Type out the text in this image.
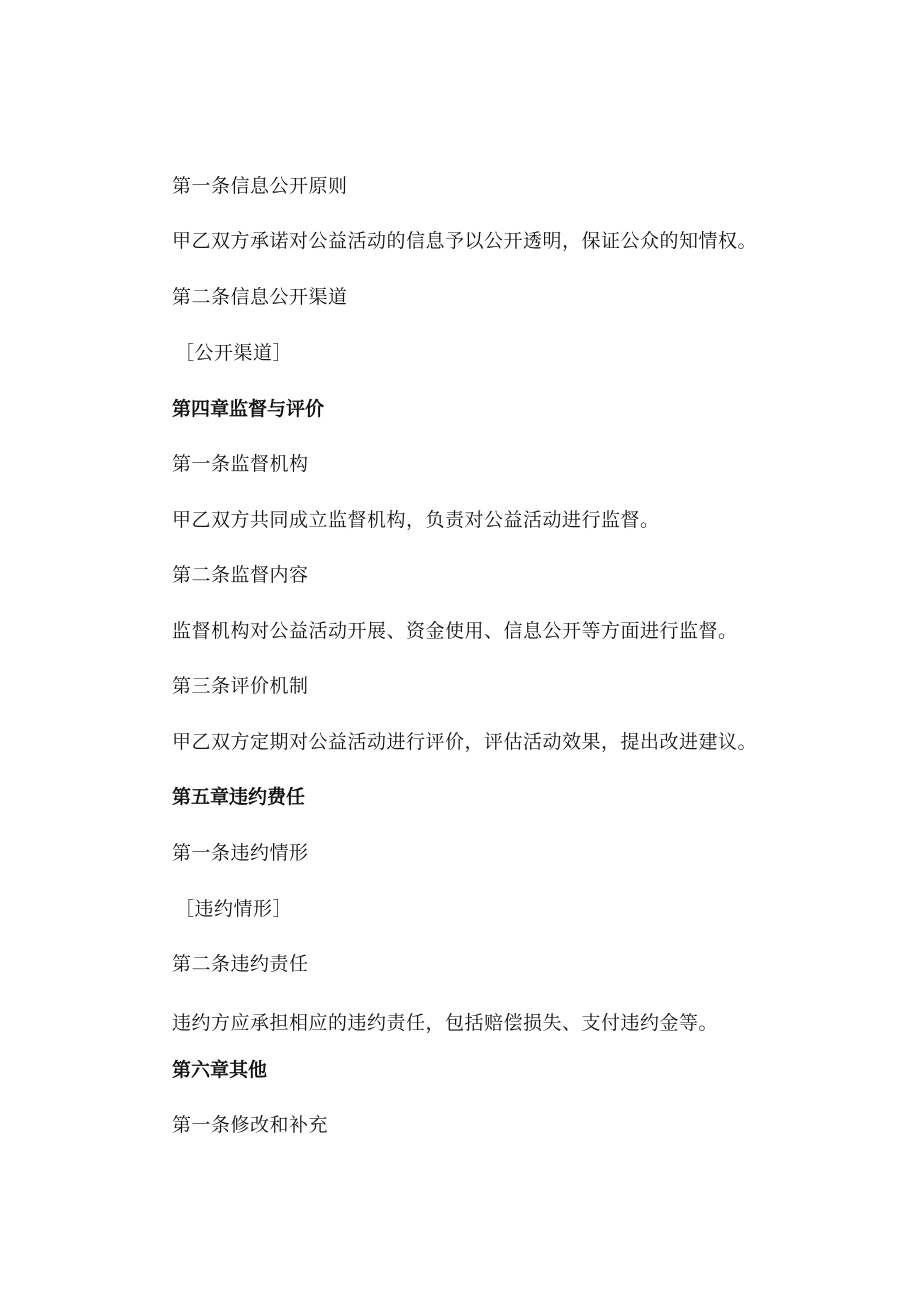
第一条信息公开原则
甲乙双方承诺对公益活动的信息予以公开透明，保证公众的知情权。
第二条信息公开渠道
［公开渠道］
第四章监督与评价
第一条监督机构
甲乙双方共同成立监督机构，负责对公益活动进行监督。
第二条监督内容
监督机构对公益活动开展、资金使用、信息公开等方面进行监督。
第三条评价机制
甲乙双方定期对公益活动进行评价，评估活动效果，提出改进建议。
第五章违约费任
第一条违约情形
［违约情形］
第二条违约责任
违约方应承担相应的违约责任，包括赔偿损失、支付违约金等。
第六章其他
第一条修改和补充
